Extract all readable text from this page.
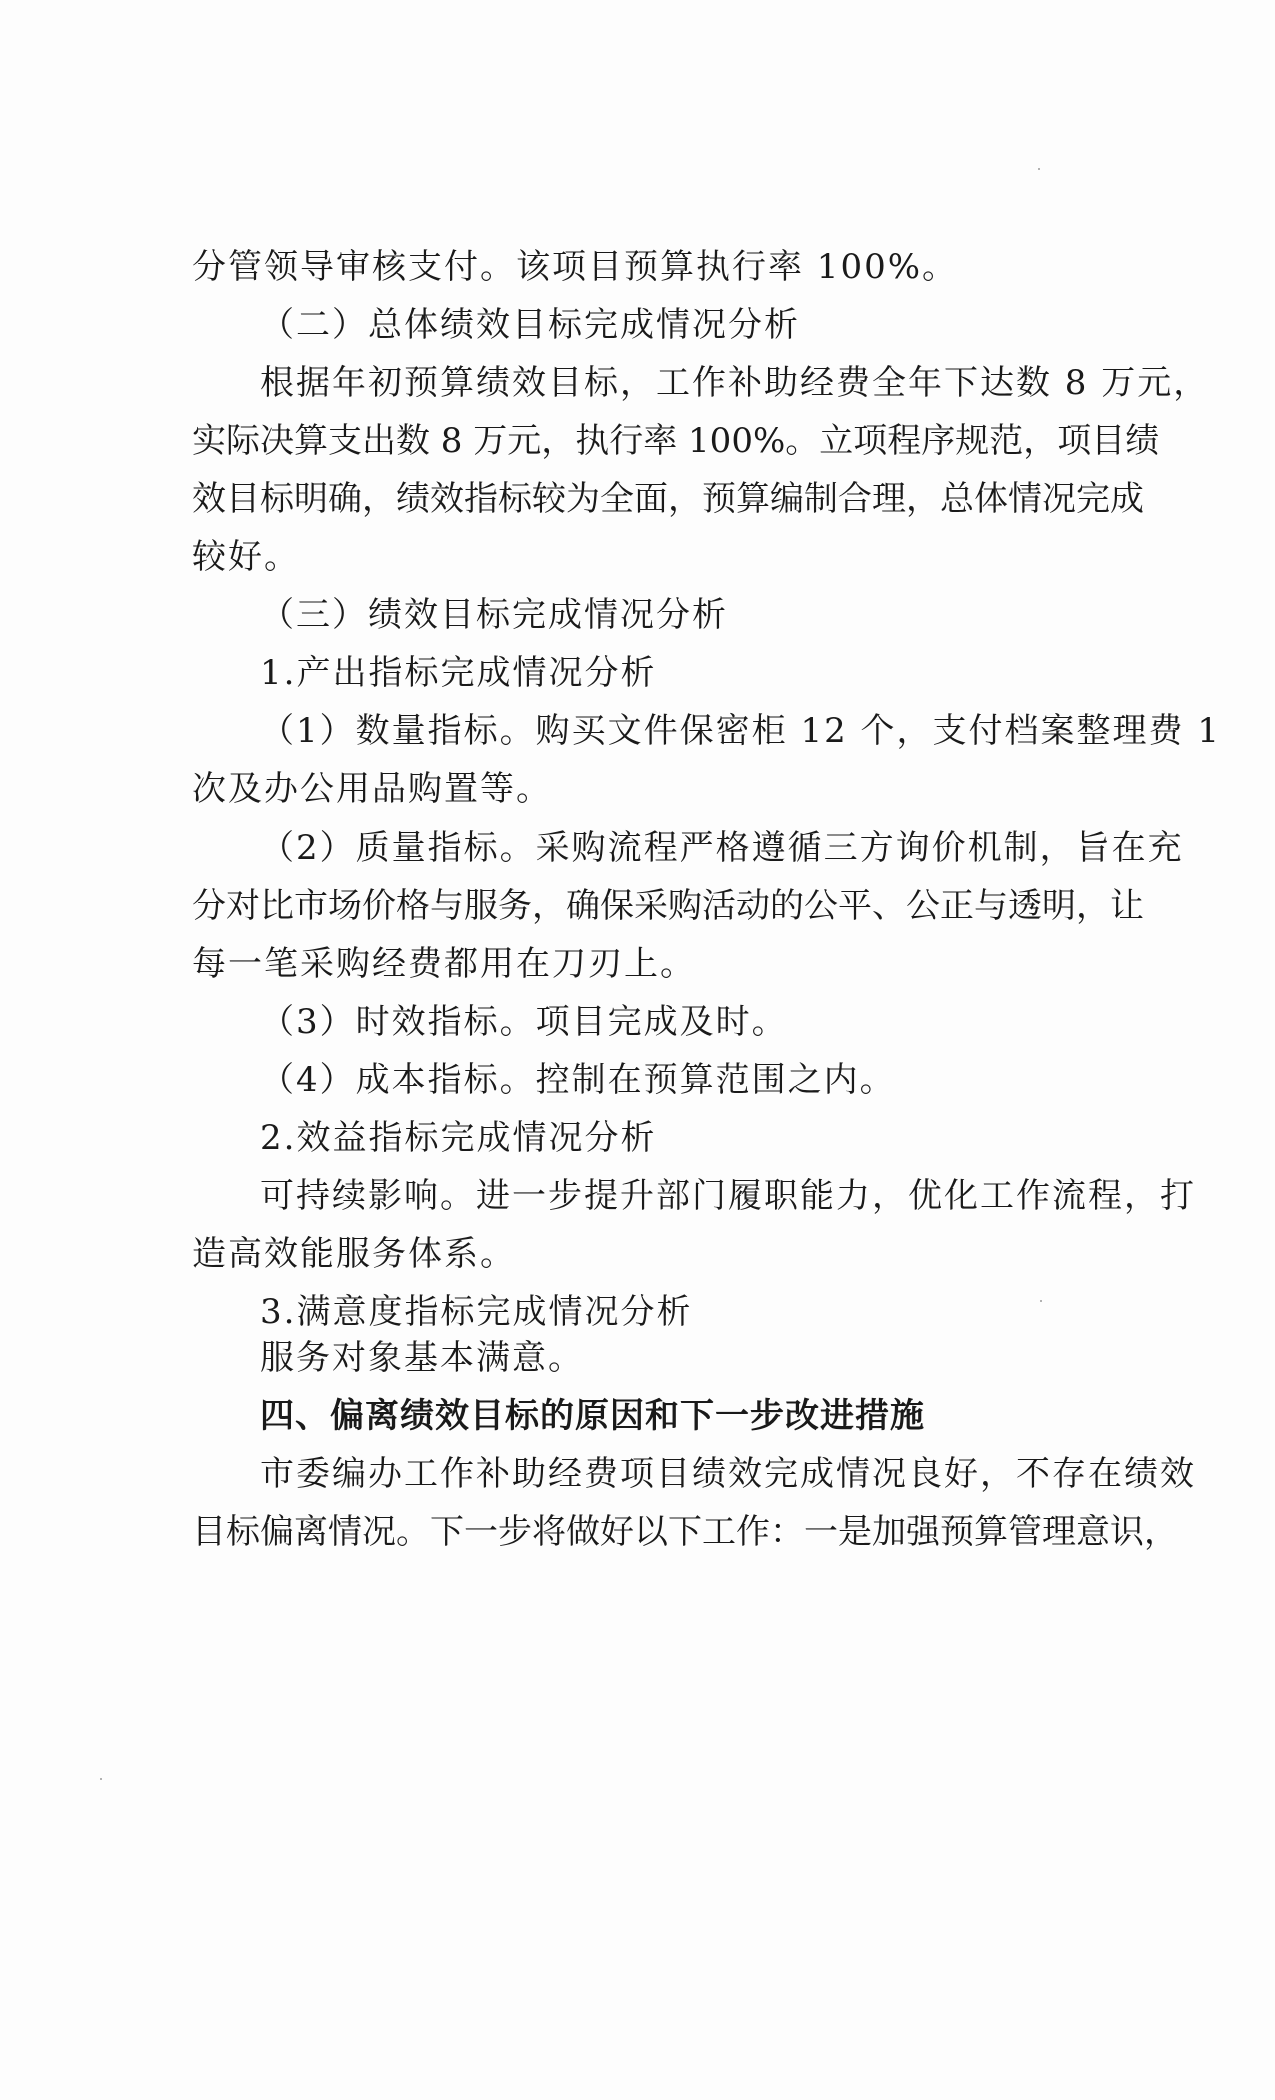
分管领导审核支付。该项目预算执行率 100%。
（二）总体绩效目标完成情况分析
根据年初预算绩效目标，工作补助经费全年下达数 8 万元，
实际决算支出数 8 万元，执行率 100%。立项程序规范，项目绩
效目标明确，绩效指标较为全面，预算编制合理，总体情况完成
较好。
（三）绩效目标完成情况分析
1.产出指标完成情况分析
（1）数量指标。购买文件保密柜 12 个，支付档案整理费 1
次及办公用品购置等。
（2）质量指标。采购流程严格遵循三方询价机制，旨在充
分对比市场价格与服务，确保采购活动的公平、公正与透明，让
每一笔采购经费都用在刀刃上。
（3）时效指标。项目完成及时。
（4）成本指标。控制在预算范围之内。
2.效益指标完成情况分析
可持续影响。进一步提升部门履职能力，优化工作流程，打
造高效能服务体系。
3.满意度指标完成情况分析
服务对象基本满意。
四、偏离绩效目标的原因和下一步改进措施
市委编办工作补助经费项目绩效完成情况良好，不存在绩效
目标偏离情况。下一步将做好以下工作：一是加强预算管理意识，
